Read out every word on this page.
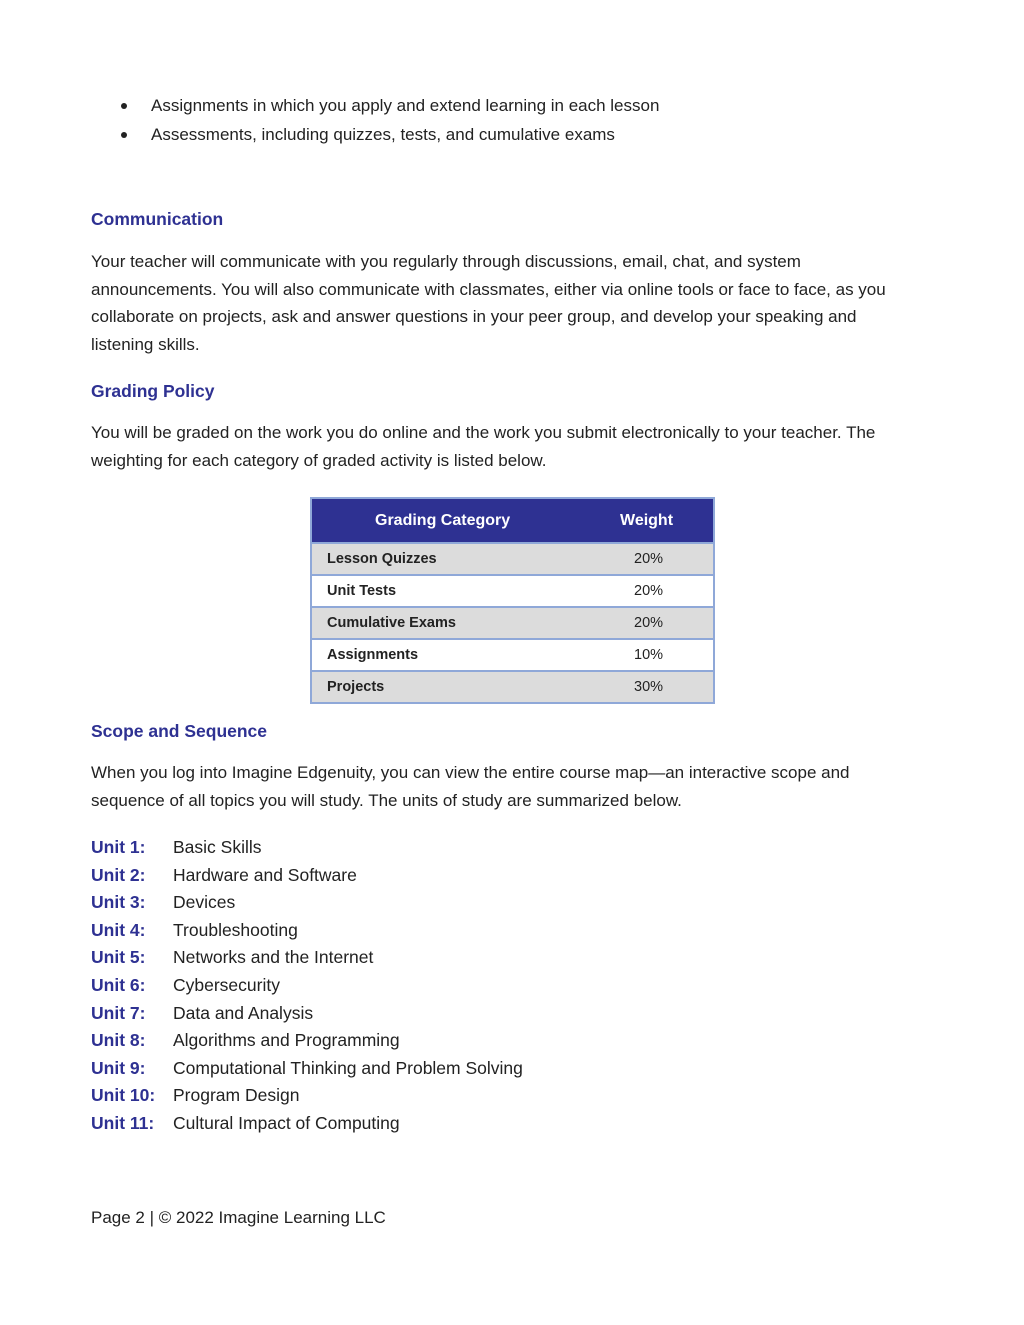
Assignments in which you apply and extend learning in each lesson
Assessments, including quizzes, tests, and cumulative exams
Communication

Your teacher will communicate with you regularly through discussions, email, chat, and system announcements. You will also communicate with classmates, either via online tools or face to face, as you collaborate on projects, ask and answer questions in your peer group, and develop your speaking and listening skills.

Grading Policy

You will be graded on the work you do online and the work you submit electronically to your teacher. The weighting for each category of graded activity is listed below.

Grading Category	Weight
Lesson Quizzes	20%
Unit Tests	20%
Cumulative Exams	20%
Assignments	10%
Projects	30%
Scope and Sequence

When you log into Imagine Edgenuity, you can view the entire course map—an interactive scope and sequence of all topics you will study. The units of study are summarized below.

Unit 1: Basic Skills
Unit 2: Hardware and Software
Unit 3: Devices
Unit 4: Troubleshooting
Unit 5: Networks and the Internet
Unit 6: Cybersecurity
Unit 7: Data and Analysis
Unit 8: Algorithms and Programming
Unit 9: Computational Thinking and Problem Solving
Unit 10: Program Design
Unit 11: Cultural Impact of Computing

Page 2 | © 2022 Imagine Learning LLC
